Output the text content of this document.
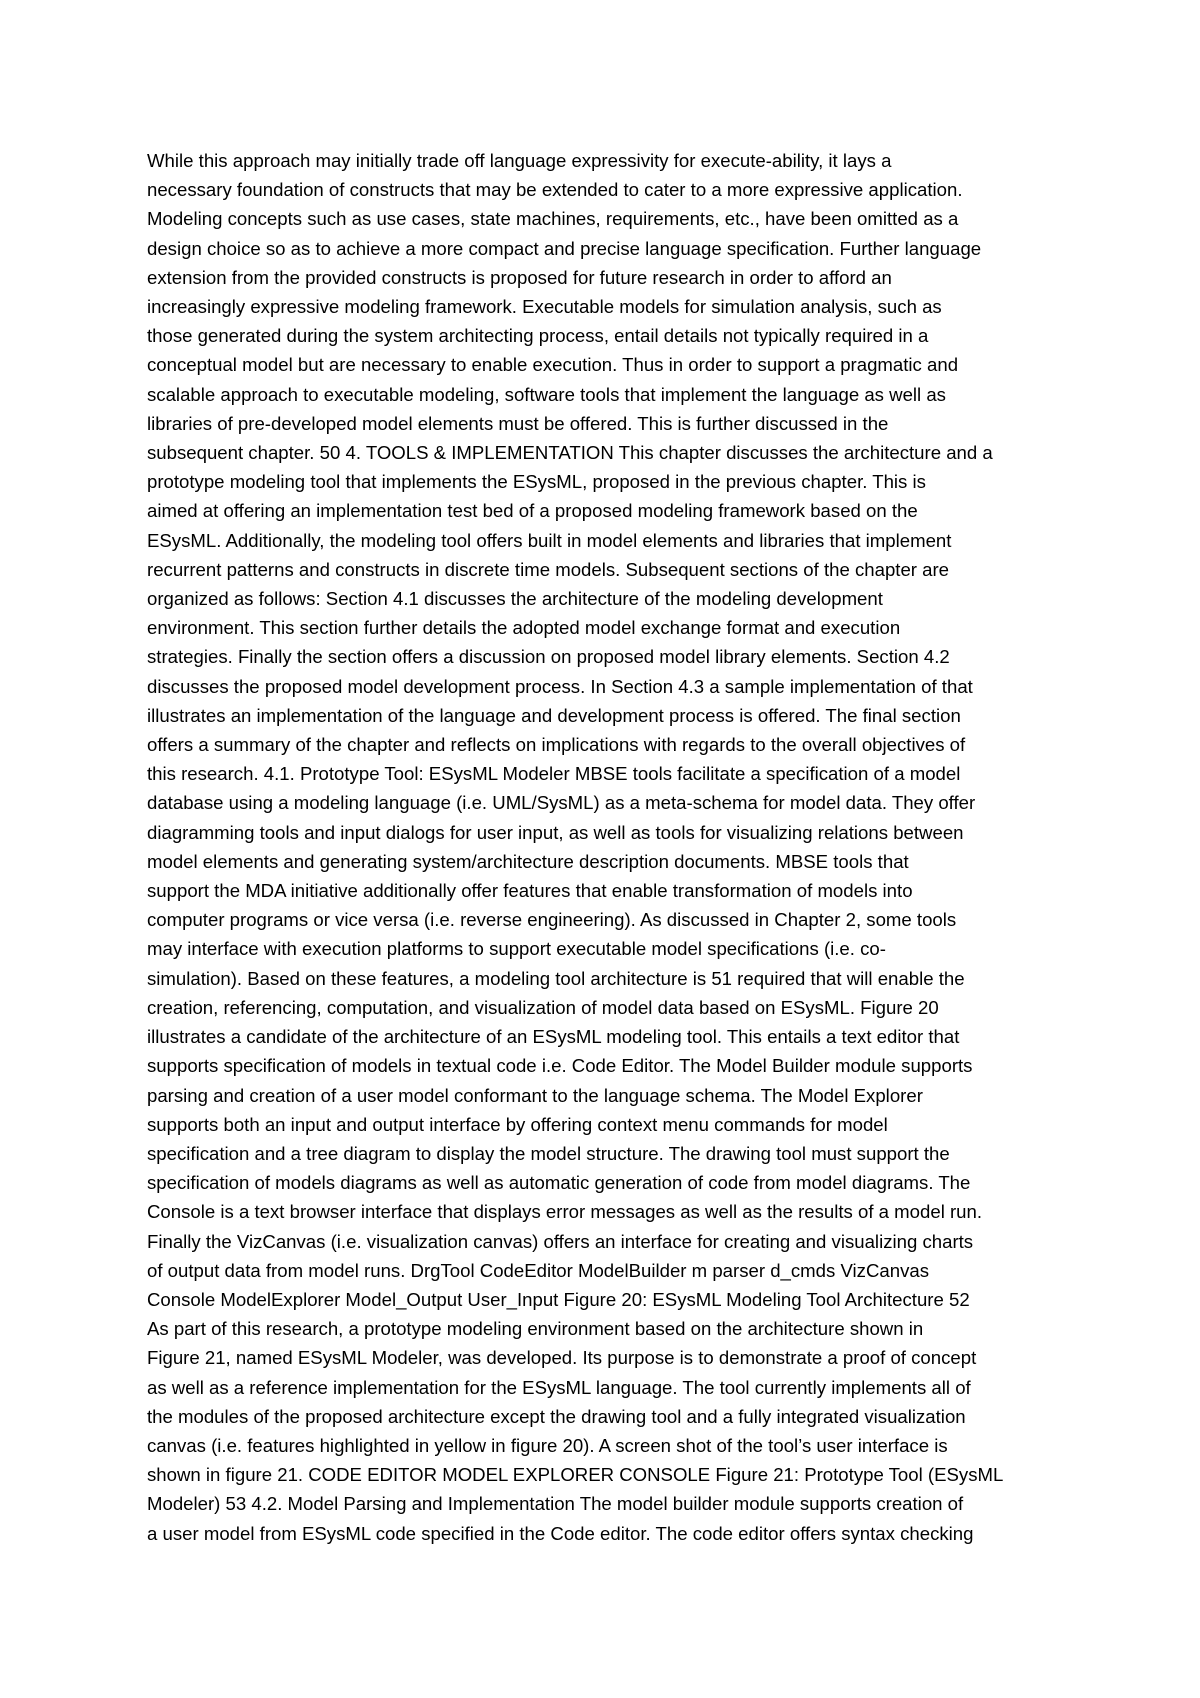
While this approach may initially trade off language expressivity for execute-ability, it lays a
necessary foundation of constructs that may be extended to cater to a more expressive application.
Modeling concepts such as use cases, state machines, requirements, etc., have been omitted as a
design choice so as to achieve a more compact and precise language specification. Further language
extension from the provided constructs is proposed for future research in order to afford an
increasingly expressive modeling framework. Executable models for simulation analysis, such as
those generated during the system architecting process, entail details not typically required in a
conceptual model but are necessary to enable execution. Thus in order to support a pragmatic and
scalable approach to executable modeling, software tools that implement the language as well as
libraries of pre-developed model elements must be offered. This is further discussed in the
subsequent chapter. 50 4. TOOLS & IMPLEMENTATION This chapter discusses the architecture and a
prototype modeling tool that implements the ESysML, proposed in the previous chapter. This is
aimed at offering an implementation test bed of a proposed modeling framework based on the
ESysML. Additionally, the modeling tool offers built in model elements and libraries that implement
recurrent patterns and constructs in discrete time models. Subsequent sections of the chapter are
organized as follows: Section 4.1 discusses the architecture of the modeling development
environment. This section further details the adopted model exchange format and execution
strategies. Finally the section offers a discussion on proposed model library elements. Section 4.2
discusses the proposed model development process. In Section 4.3 a sample implementation of that
illustrates an implementation of the language and development process is offered. The final section
offers a summary of the chapter and reflects on implications with regards to the overall objectives of
this research. 4.1. Prototype Tool: ESysML Modeler MBSE tools facilitate a specification of a model
database using a modeling language (i.e. UML/SysML) as a meta-schema for model data. They offer
diagramming tools and input dialogs for user input, as well as tools for visualizing relations between
model elements and generating system/architecture description documents. MBSE tools that
support the MDA initiative additionally offer features that enable transformation of models into
computer programs or vice versa (i.e. reverse engineering). As discussed in Chapter 2, some tools
may interface with execution platforms to support executable model specifications (i.e. co-
simulation). Based on these features, a modeling tool architecture is 51 required that will enable the
creation, referencing, computation, and visualization of model data based on ESysML. Figure 20
illustrates a candidate of the architecture of an ESysML modeling tool. This entails a text editor that
supports specification of models in textual code i.e. Code Editor. The Model Builder module supports
parsing and creation of a user model conformant to the language schema. The Model Explorer
supports both an input and output interface by offering context menu commands for model
specification and a tree diagram to display the model structure. The drawing tool must support the
specification of models diagrams as well as automatic generation of code from model diagrams. The
Console is a text browser interface that displays error messages as well as the results of a model run.
Finally the VizCanvas (i.e. visualization canvas) offers an interface for creating and visualizing charts
of output data from model runs. DrgTool CodeEditor ModelBuilder m parser d_cmds VizCanvas
Console ModelExplorer Model_Output User_Input Figure 20: ESysML Modeling Tool Architecture 52
As part of this research, a prototype modeling environment based on the architecture shown in
Figure 21, named ESysML Modeler, was developed. Its purpose is to demonstrate a proof of concept
as well as a reference implementation for the ESysML language. The tool currently implements all of
the modules of the proposed architecture except the drawing tool and a fully integrated visualization
canvas (i.e. features highlighted in yellow in figure 20). A screen shot of the tool’s user interface is
shown in figure 21. CODE EDITOR MODEL EXPLORER CONSOLE Figure 21: Prototype Tool (ESysML
Modeler) 53 4.2. Model Parsing and Implementation The model builder module supports creation of
a user model from ESysML code specified in the Code editor. The code editor offers syntax checking
